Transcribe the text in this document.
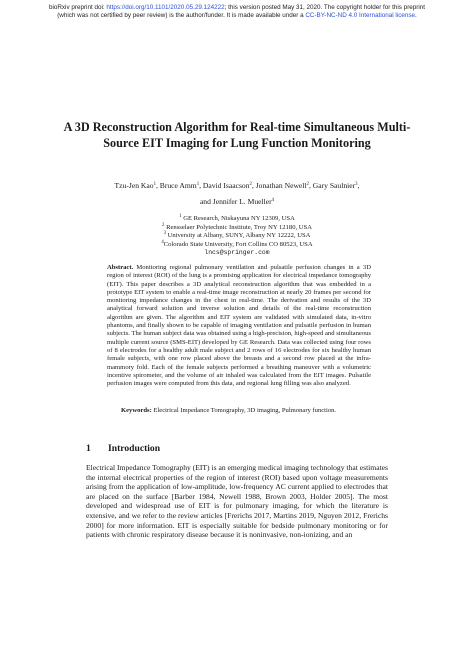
bioRxiv preprint doi: https://doi.org/10.1101/2020.05.29.124222; this version posted May 31, 2020. The copyright holder for this preprint
(which was not certified by peer review) is the author/funder. It is made available under a CC-BY-NC-ND 4.0 International license.
A 3D Reconstruction Algorithm for Real-time Simultaneous Multi-Source EIT Imaging for Lung Function Monitoring
Tzu-Jen Kao$^1$, Bruce Amm$^1$, David Isaacson$^2$, Jonathan Newell$^2$, Gary Saulnier$^3$,
and Jennifer L. Mueller$^4$
$^1$ GE Research, Niskayuna NY 12309, USA
$^2$ Rensselaer Polytechnic Institute, Troy NY 12180, USA
$^3$ University at Albany, SUNY, Albany NY 12222, USA
$^4$Colorado State University, Fort Collins CO 80523, USA
lncs@springer.com
Abstract. Monitoring regional pulmonary ventilation and pulsatile perfusion changes in a 3D region of interest (ROI) of the lung is a promising application for electrical impedance tomography (EIT). This paper describes a 3D analytical reconstruction algorithm that was embedded in a prototype EIT system to enable a real-time image reconstruction at nearly 20 frames per second for monitoring impedance changes in the chest in real-time. The derivation and results of the 3D analytical forward solution and inverse solution and details of the real-time reconstruction algorithm are given. The algorithm and EIT system are validated with simulated data, in-vitro phantoms, and finally shown to be capable of imaging ventilation and pulsatile perfusion in human subjects. The human subject data was obtained using a high-precision, high-speed and simultaneous multiple current source (SMS-EIT) developed by GE Research. Data was collected using four rows of 8 electrodes for a healthy adult male subject and 2 rows of 16 electrodes for six healthy human female subjects, with one row placed above the breasts and a second row placed at the infra-mammory fold. Each of the female subjects performed a breathing maneuver with a volumetric incentive spirometer, and the volume of air inhaled was calculated from the EIT images. Pulsatile perfusion images were computed from this data, and regional lung filling was also analyzed.
Keywords: Electrical Impedance Tomography, 3D imaging, Pulmonary function.
1 Introduction
Electrical Impedance Tomography (EIT) is an emerging medical imaging technology that estimates the internal electrical properties of the region of interest (ROI) based upon voltage measurements arising from the application of low-amplitude, low-frequency AC current applied to electrodes that are placed on the surface [Barber 1984, Newell 1988, Brown 2003, Holder 2005]. The most developed and widespread use of EIT is for pulmonary imaging, for which the literature is extensive, and we refer to the review articles [Frerichs 2017, Martins 2019, Nguyen 2012, Frerichs 2000] for more information. EIT is especially suitable for bedside pulmonary monitoring or for patients with chronic respiratory disease because it is noninvasive, non-ionizing, and an
